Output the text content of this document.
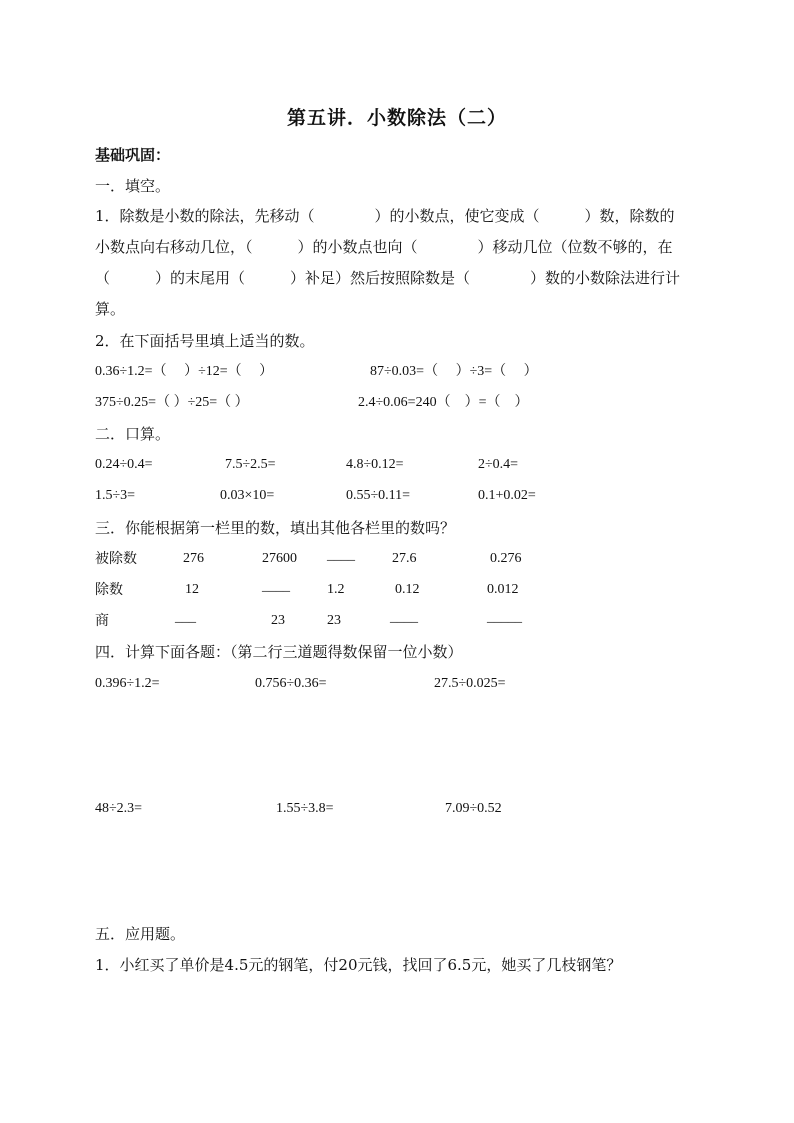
第五讲．小数除法（二）
基础巩固：
一．填空。
1．除数是小数的除法，先移动（　　　　）的小数点，使它变成（　　　）数，除数的
小数点向右移动几位，（　　　）的小数点也向（　　　　）移动几位（位数不够的，在
（　　　）的末尾用（　　　）补足）然后按照除数是（　　　　）数的小数除法进行计
算。
2．在下面括号里填上适当的数。
0.36÷1.2=（　 ）÷12=（　 ）	87÷0.03=（　 ）÷3=（　 ）
375÷0.25=（ ）÷25=（ ）	2.4÷0.06=240（　）=（　）
二．口算。
0.24÷0.4=	7.5÷2.5=	4.8÷0.12=	2÷0.4=
1.5÷3=	0.03×10=	0.55÷0.11=	0.1+0.02=
三．你能根据第一栏里的数，填出其他各栏里的数吗？
被除数	276	27600 ____	27.6	0.276
除数	12	____	1.2	0.12	0.012
商	___	23	23	____	_____
四．计算下面各题：（第二行三道题得数保留一位小数）
0.396÷1.2=	0.756÷0.36=	27.5÷0.025=
48÷2.3=	1.55÷3.8=	7.09÷0.52
五．应用题。
1．小红买了单价是4.5元的钢笔，付20元钱，找回了6.5元，她买了几枝钢笔？
